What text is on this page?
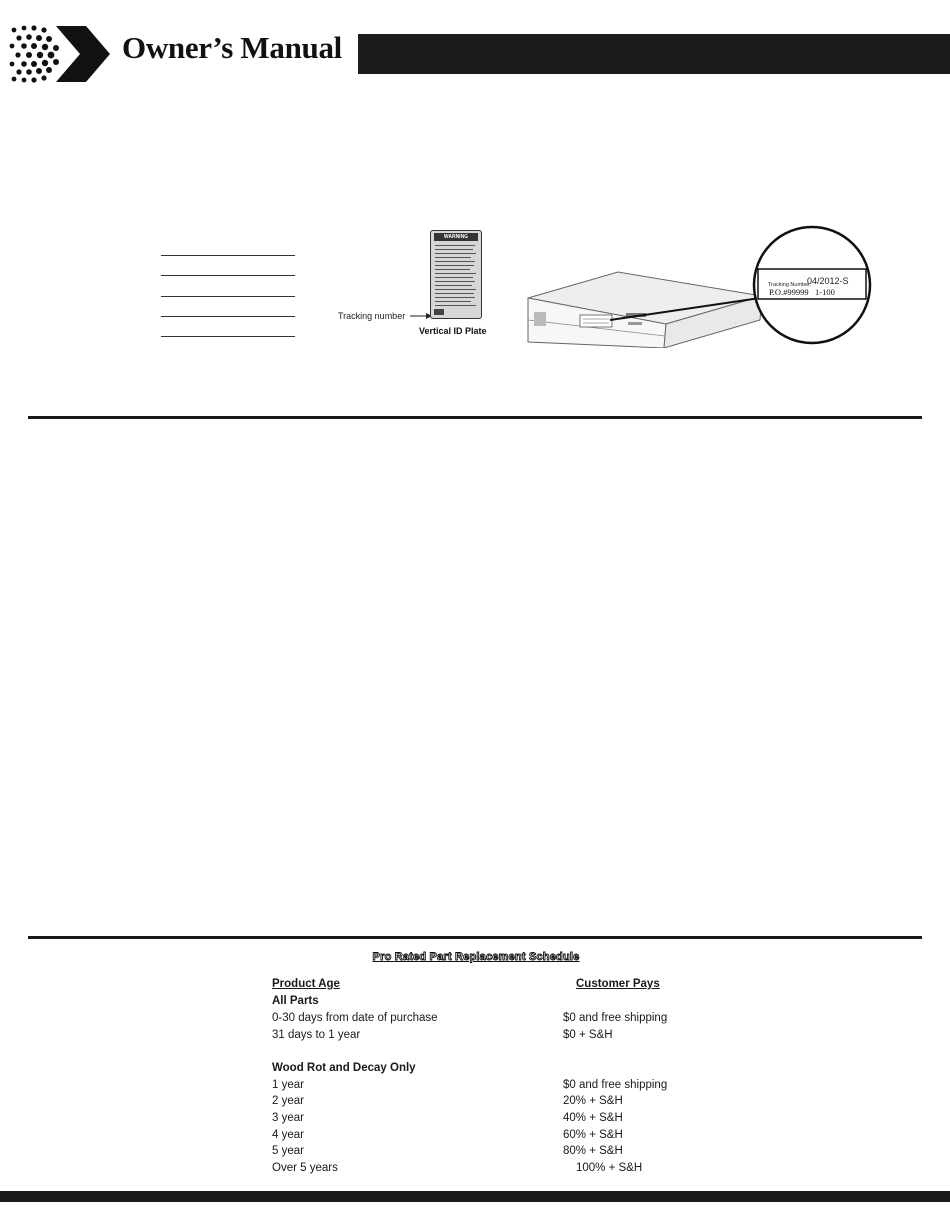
Owner’s Manual
Tracking number
WARNING
Vertical ID Plate
Tracking Number:
04/2012-S
P.O.#99999   1-100
Pro Rated Part Replacement Schedule
Product Age	Customer Pays
All Parts
0-30 days from date of purchase	$0 and free shipping
31 days to 1 year	$0 + S&H
Wood Rot and Decay Only
1 year	$0 and free shipping
2 year	20% + S&H
3 year	40% + S&H
4 year	60% + S&H
5 year	80% + S&H
Over 5 years	100% + S&H
